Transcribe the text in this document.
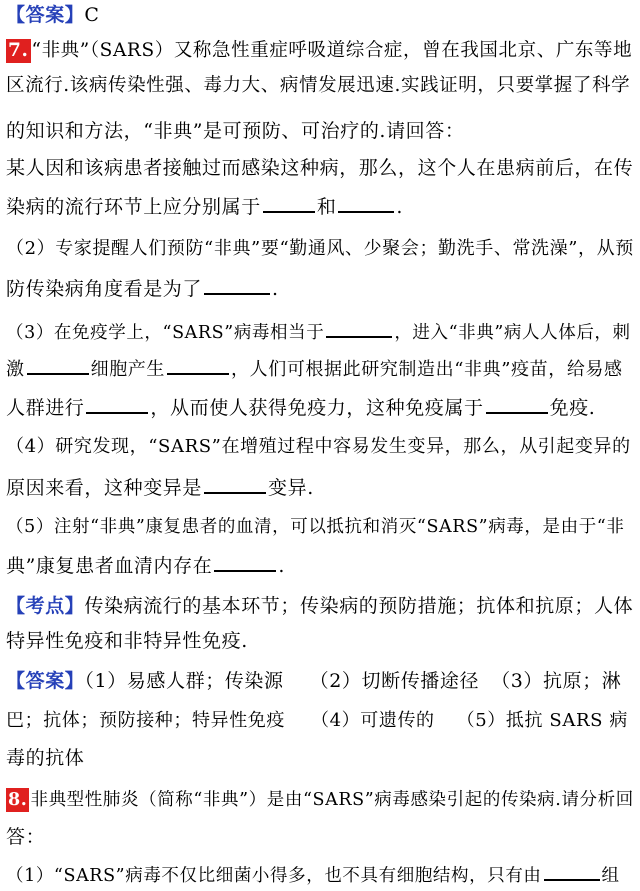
【答案】C
7. “非典”（SARS）又称急性重症呼吸道综合症，曾在我国北京、广东等地
区流行.该病传染性强、毒力大、病情发展迅速.实践证明，只要掌握了科学
的知识和方法，“非典”是可预防、可治疗的.请回答：
某人因和该病患者接触过而感染这种病，那么，这个人在患病前后，在传
染病的流行环节上应分别属于	和	.
（2）专家提醒人们预防“非典”要“勤通风、少聚会；勤洗手、常洗澡”，从预
防传染病角度看是为了	.
（3）在免疫学上，“SARS”病毒相当于	，进入“非典”病人人体后，刺
激	细胞产生	，人们可根据此研究制造出“非典”疫苗，给易感
人群进行	，从而使人获得免疫力，这种免疫属于	免疫.
（4）研究发现，“SARS”在增殖过程中容易发生变异，那么，从引起变异的
原因来看，这种变异是	变异.
（5）注射“非典”康复患者的血清，可以抵抗和消灭“SARS”病毒，是由于“非
典”康复患者血清内存在	.
【考点】传染病流行的基本环节；传染病的预防措施；抗体和抗原；人体
特异性免疫和非特异性免疫.
【答案】（1）易感人群；传染源 （2）切断传播途径 （3）抗原；淋
巴；抗体；预防接种；特异性免疫 （4）可遗传的 （5）抵抗 SARS 病
毒的抗体
8. 非典型性肺炎（简称“非典”）是由“SARS”病毒感染引起的传染病.请分析回
答：
（1）“SARS”病毒不仅比细菌小得多，也不具有细胞结构，只有由	组
